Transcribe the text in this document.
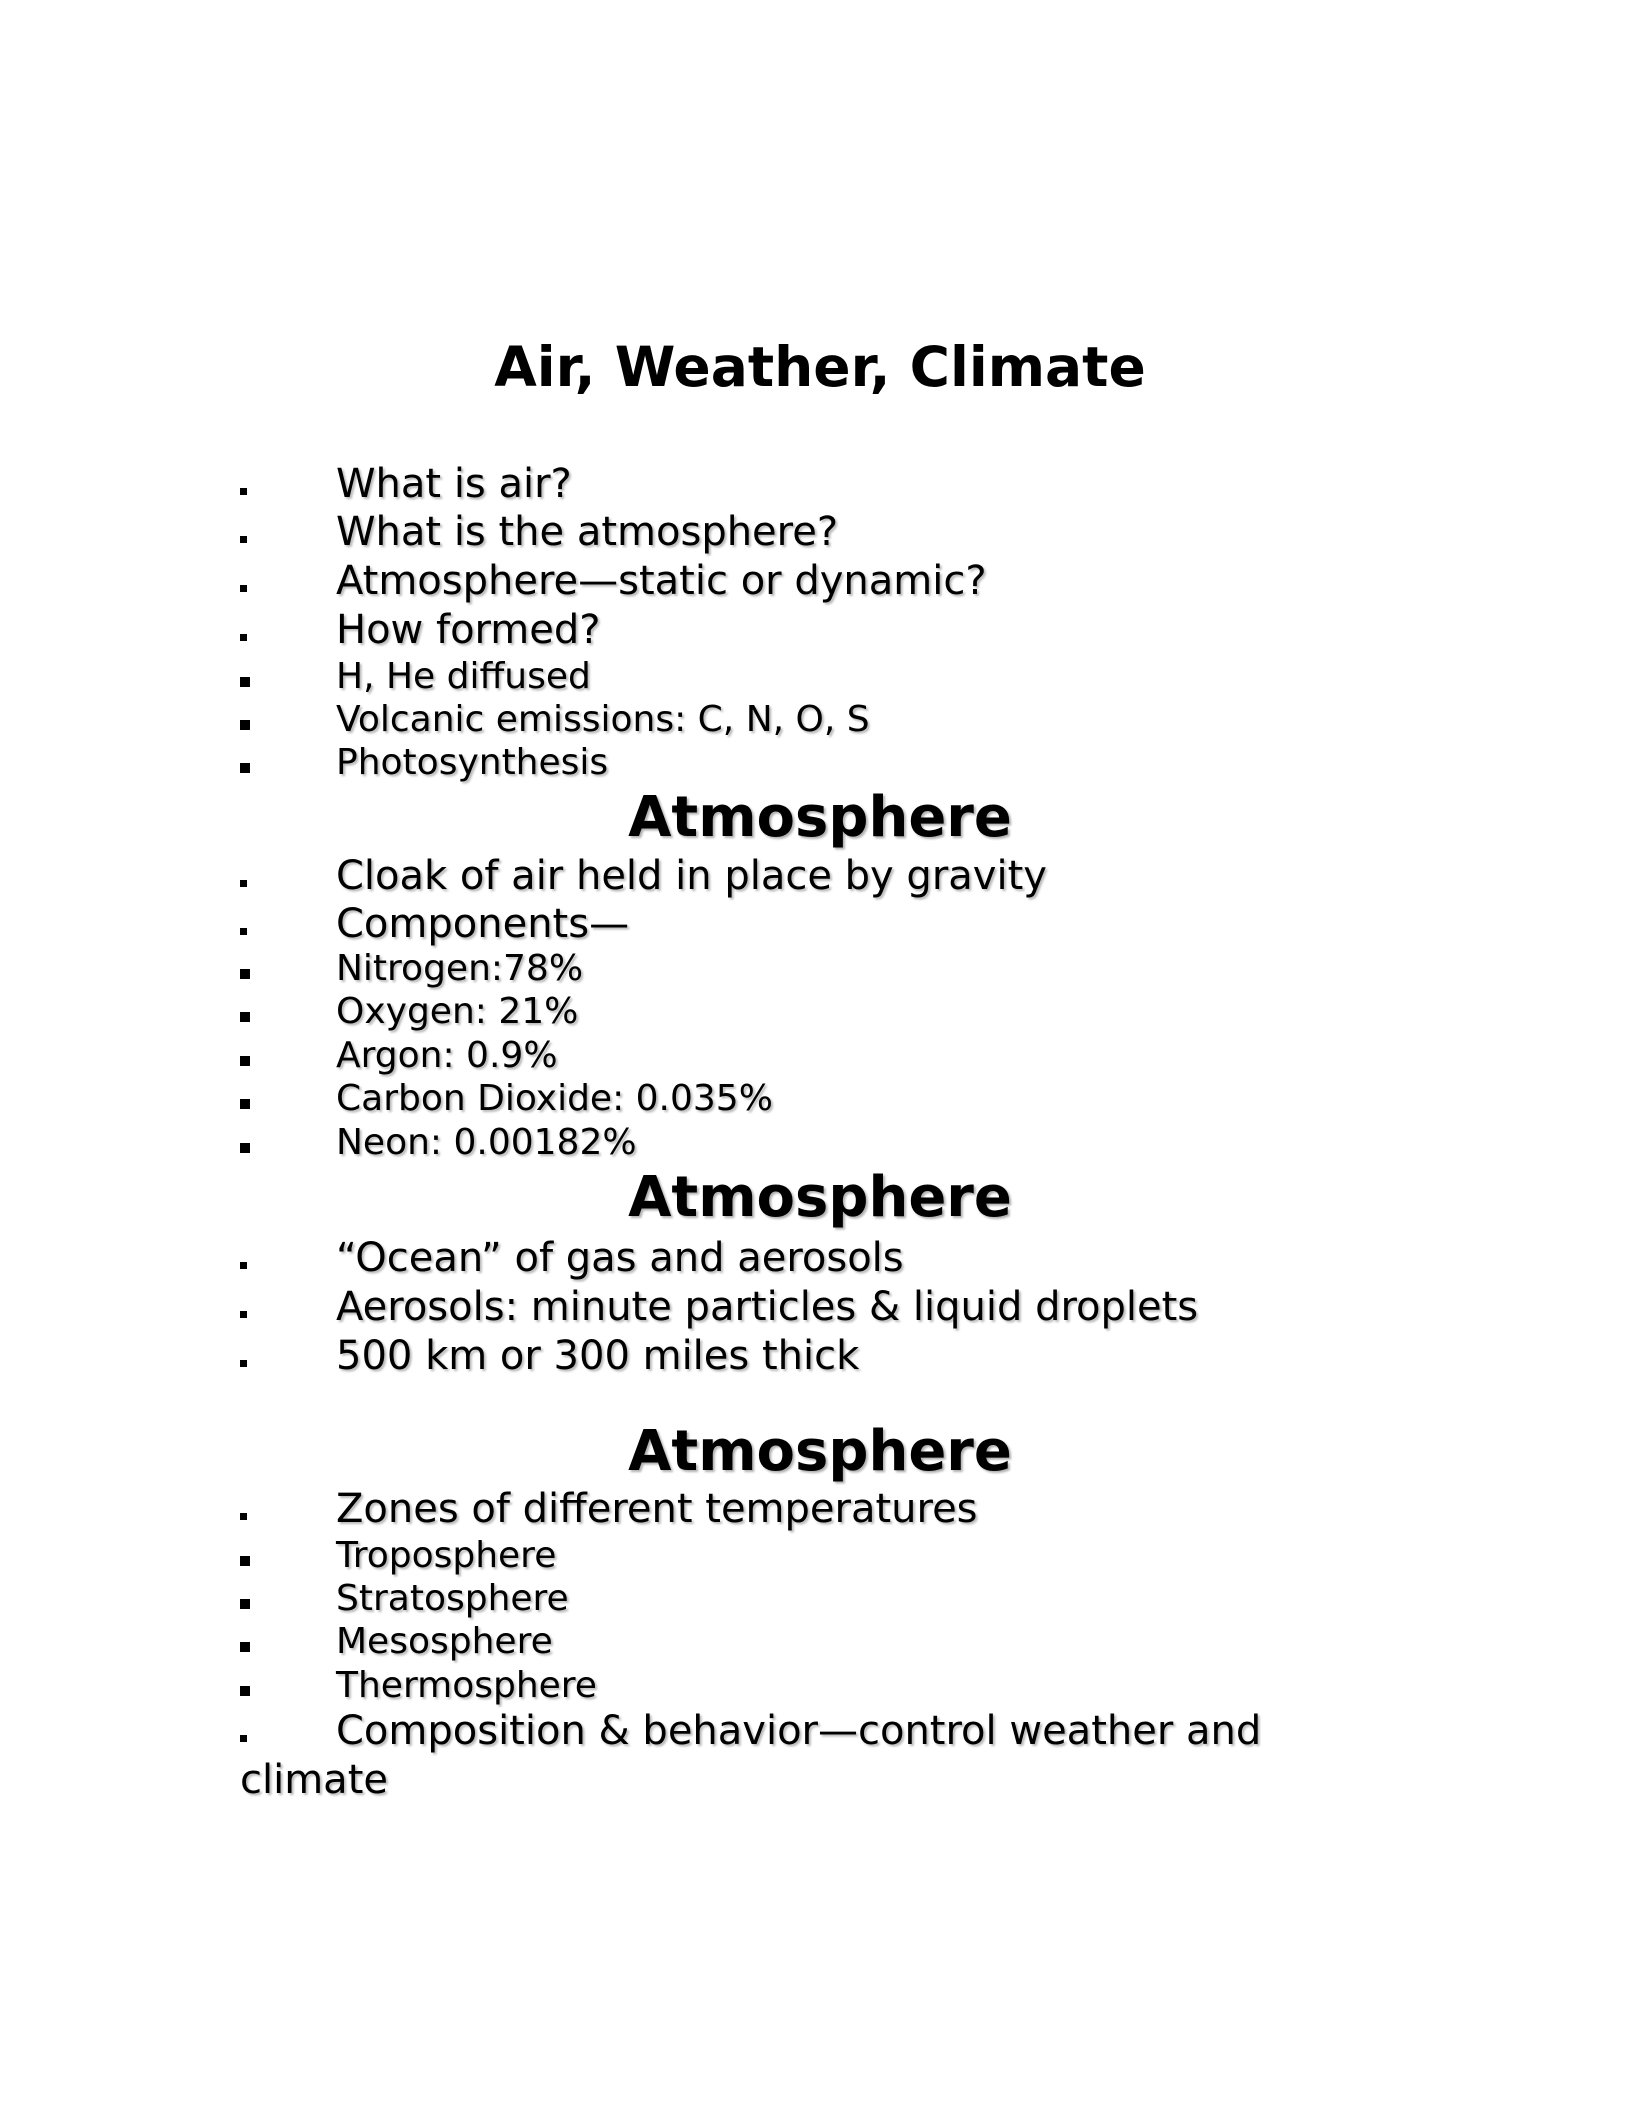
Air, Weather, Climate
What is air?
What is the atmosphere?
Atmosphere—static or dynamic?
How formed?
H, He diffused
Volcanic emissions: C, N, O, S
Photosynthesis
Atmosphere
Cloak of air held in place by gravity
Components—
Nitrogen:78%
Oxygen: 21%
Argon: 0.9%
Carbon Dioxide: 0.035%
Neon: 0.00182%
Atmosphere
“Ocean” of gas and aerosols
Aerosols: minute particles & liquid droplets
500 km or 300 miles thick
Atmosphere
Zones of different temperatures
Troposphere
Stratosphere
Mesosphere
Thermosphere
Composition & behavior—control weather and
climate
